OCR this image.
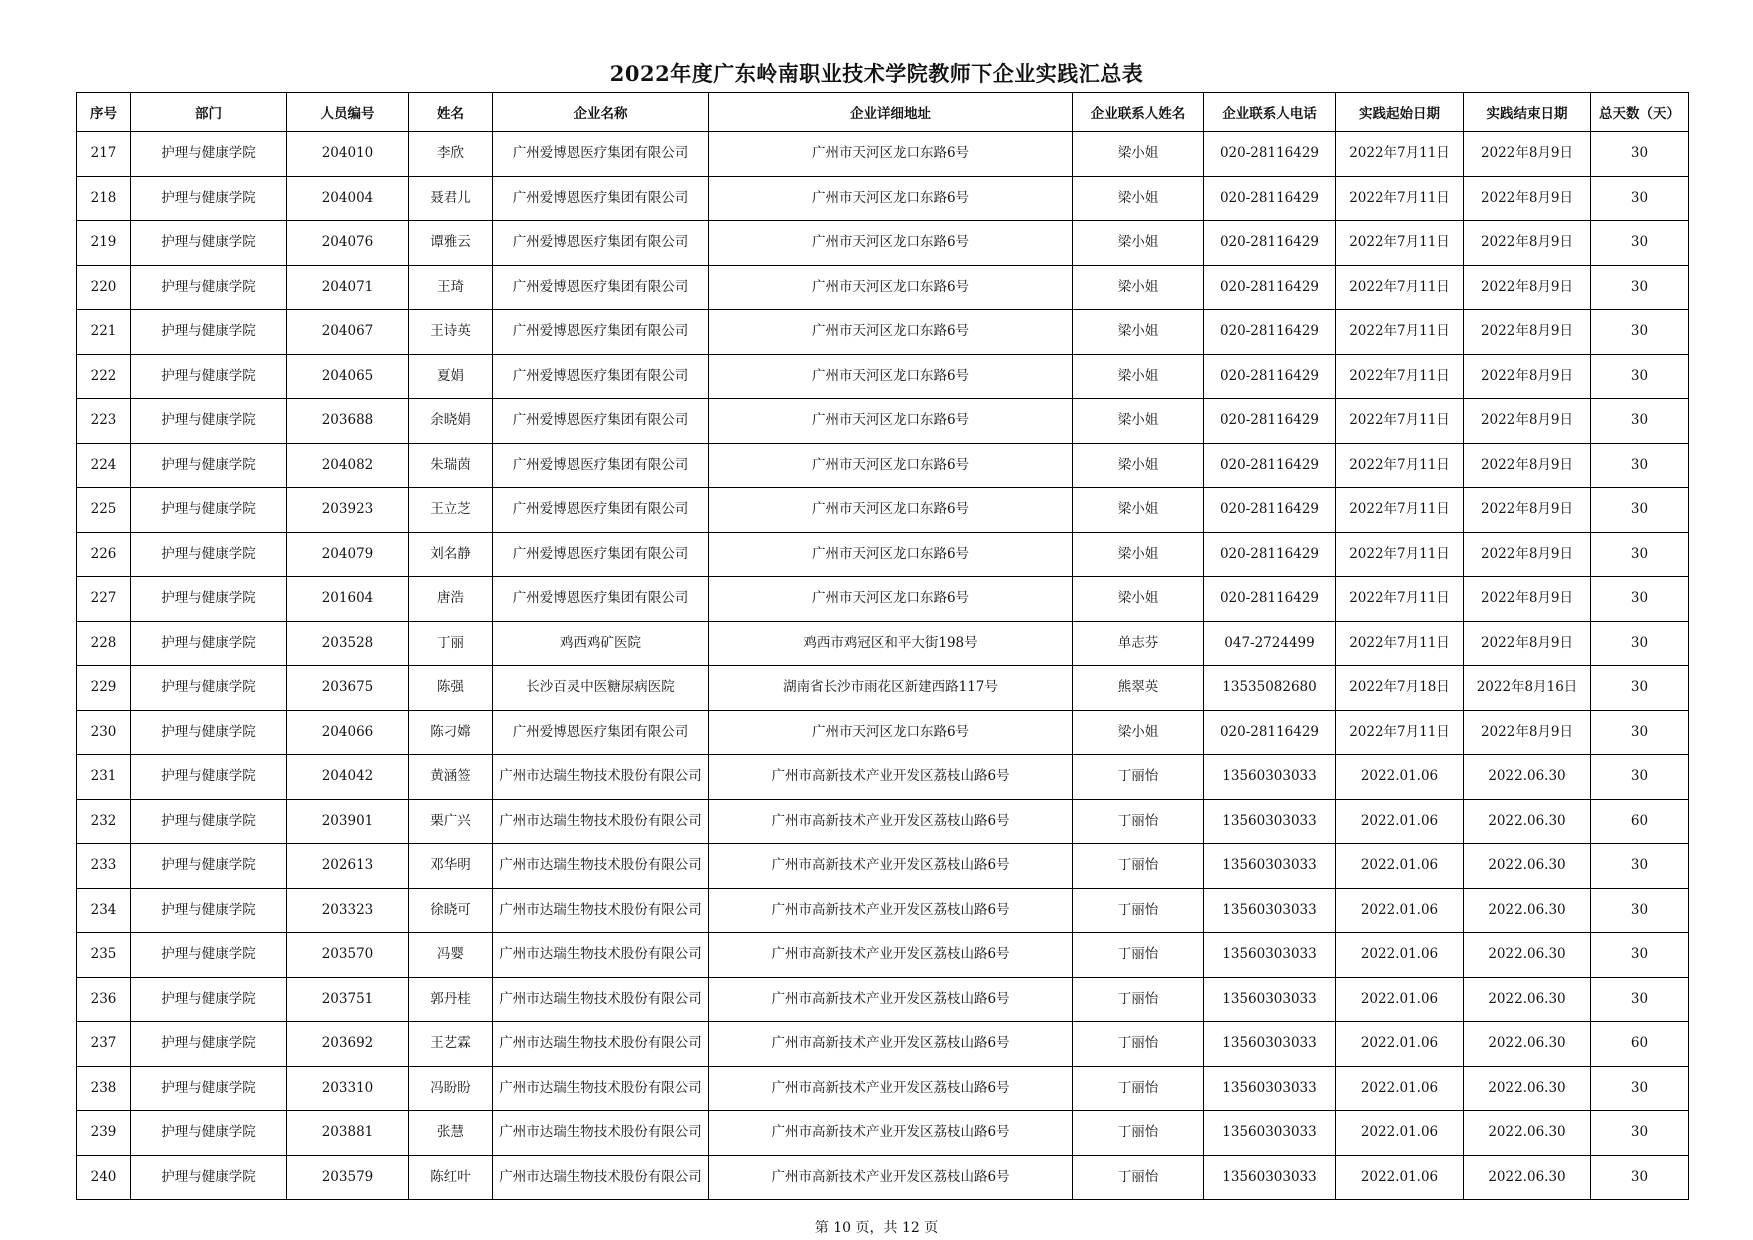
2022年度广东岭南职业技术学院教师下企业实践汇总表
序号	部门	人员编号	姓名	企业名称	企业详细地址	企业联系人姓名	企业联系人电话	实践起始日期	实践结束日期	总天数（天）
217	护理与健康学院	204010	李欣	广州爱博恩医疗集团有限公司	广州市天河区龙口东路6号	梁小姐	020-28116429	2022年7月11日	2022年8月9日	30
218	护理与健康学院	204004	聂君儿	广州爱博恩医疗集团有限公司	广州市天河区龙口东路6号	梁小姐	020-28116429	2022年7月11日	2022年8月9日	30
219	护理与健康学院	204076	谭雅云	广州爱博恩医疗集团有限公司	广州市天河区龙口东路6号	梁小姐	020-28116429	2022年7月11日	2022年8月9日	30
220	护理与健康学院	204071	王琦	广州爱博恩医疗集团有限公司	广州市天河区龙口东路6号	梁小姐	020-28116429	2022年7月11日	2022年8月9日	30
221	护理与健康学院	204067	王诗英	广州爱博恩医疗集团有限公司	广州市天河区龙口东路6号	梁小姐	020-28116429	2022年7月11日	2022年8月9日	30
222	护理与健康学院	204065	夏娟	广州爱博恩医疗集团有限公司	广州市天河区龙口东路6号	梁小姐	020-28116429	2022年7月11日	2022年8月9日	30
223	护理与健康学院	203688	余晓娟	广州爱博恩医疗集团有限公司	广州市天河区龙口东路6号	梁小姐	020-28116429	2022年7月11日	2022年8月9日	30
224	护理与健康学院	204082	朱瑞茵	广州爱博恩医疗集团有限公司	广州市天河区龙口东路6号	梁小姐	020-28116429	2022年7月11日	2022年8月9日	30
225	护理与健康学院	203923	王立芝	广州爱博恩医疗集团有限公司	广州市天河区龙口东路6号	梁小姐	020-28116429	2022年7月11日	2022年8月9日	30
226	护理与健康学院	204079	刘名静	广州爱博恩医疗集团有限公司	广州市天河区龙口东路6号	梁小姐	020-28116429	2022年7月11日	2022年8月9日	30
227	护理与健康学院	201604	唐浩	广州爱博恩医疗集团有限公司	广州市天河区龙口东路6号	梁小姐	020-28116429	2022年7月11日	2022年8月9日	30
228	护理与健康学院	203528	丁丽	鸡西鸡矿医院	鸡西市鸡冠区和平大街198号	单志芬	047-2724499	2022年7月11日	2022年8月9日	30
229	护理与健康学院	203675	陈强	长沙百灵中医糖尿病医院	湖南省长沙市雨花区新建西路117号	熊翠英	13535082680	2022年7月18日	2022年8月16日	30
230	护理与健康学院	204066	陈刁嫦	广州爱博恩医疗集团有限公司	广州市天河区龙口东路6号	梁小姐	020-28116429	2022年7月11日	2022年8月9日	30
231	护理与健康学院	204042	黄涵签	广州市达瑞生物技术股份有限公司	广州市高新技术产业开发区荔枝山路6号	丁丽怡	13560303033	2022.01.06	2022.06.30	30
232	护理与健康学院	203901	栗广兴	广州市达瑞生物技术股份有限公司	广州市高新技术产业开发区荔枝山路6号	丁丽怡	13560303033	2022.01.06	2022.06.30	60
233	护理与健康学院	202613	邓华明	广州市达瑞生物技术股份有限公司	广州市高新技术产业开发区荔枝山路6号	丁丽怡	13560303033	2022.01.06	2022.06.30	30
234	护理与健康学院	203323	徐晓可	广州市达瑞生物技术股份有限公司	广州市高新技术产业开发区荔枝山路6号	丁丽怡	13560303033	2022.01.06	2022.06.30	30
235	护理与健康学院	203570	冯婴	广州市达瑞生物技术股份有限公司	广州市高新技术产业开发区荔枝山路6号	丁丽怡	13560303033	2022.01.06	2022.06.30	30
236	护理与健康学院	203751	郭丹桂	广州市达瑞生物技术股份有限公司	广州市高新技术产业开发区荔枝山路6号	丁丽怡	13560303033	2022.01.06	2022.06.30	30
237	护理与健康学院	203692	王艺霖	广州市达瑞生物技术股份有限公司	广州市高新技术产业开发区荔枝山路6号	丁丽怡	13560303033	2022.01.06	2022.06.30	60
238	护理与健康学院	203310	冯盼盼	广州市达瑞生物技术股份有限公司	广州市高新技术产业开发区荔枝山路6号	丁丽怡	13560303033	2022.01.06	2022.06.30	30
239	护理与健康学院	203881	张慧	广州市达瑞生物技术股份有限公司	广州市高新技术产业开发区荔枝山路6号	丁丽怡	13560303033	2022.01.06	2022.06.30	30
240	护理与健康学院	203579	陈红叶	广州市达瑞生物技术股份有限公司	广州市高新技术产业开发区荔枝山路6号	丁丽怡	13560303033	2022.01.06	2022.06.30	30
第 10 页，共 12 页
